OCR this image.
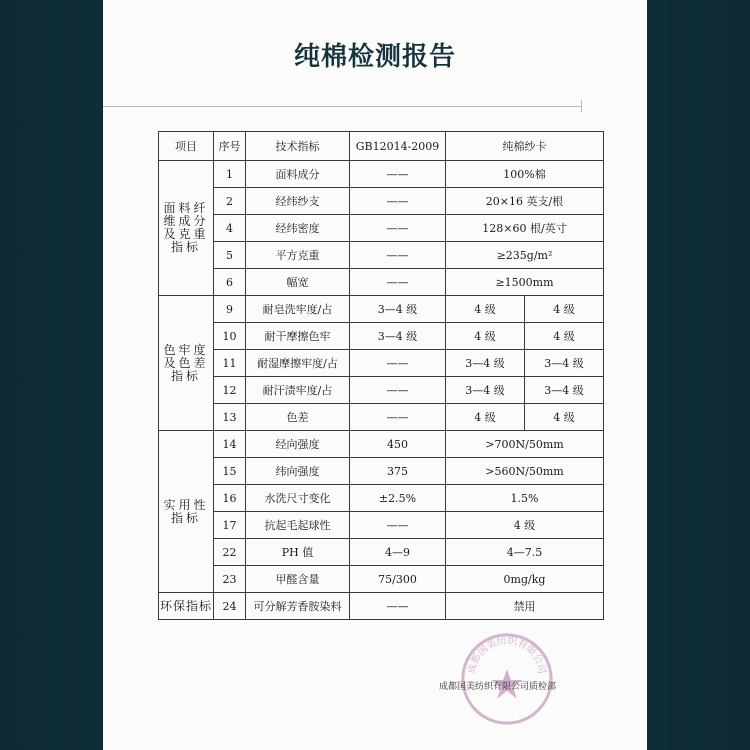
纯棉检测报告
项目	序号	技术指标	GB12014-2009	纯棉纱卡	
面料纤维成分及克重指标	1	面料成分	——	100%棉	
	2	经纬纱支	——	20×16 英支/根	
	4	经纬密度	——	128×60 根/英寸	
	5	平方克重	——	≥235g/m²	
	6	幅宽	——	≥1500mm	
色牢度及色差指标	9	耐皂洗牢度/占	3—4 级	4 级	4 级
	10	耐干摩擦色牢	3—4 级	4 级	4 级
	11	耐湿摩擦牢度/占	——	3—4 级	3—4 级
	12	耐汗渍牢度/占	——	3—4 级	3—4 级
	13	色差	——	4 级	4 级
实用性指标	14	经向强度	450	>700N/50mm	
	15	纬向强度	375	>560N/50mm	
	16	水洗尺寸变化	±2.5%	1.5%	
	17	抗起毛起球性	——	4 级	
	22	PH 值	4—9	4—7.5	
	23	甲醛含量	75/300	0mg/kg	
环保指标	24	可分解芳香胺染料	——	禁用	
成都国美纺织有限公司
成都国美纺织有限公司质检部
